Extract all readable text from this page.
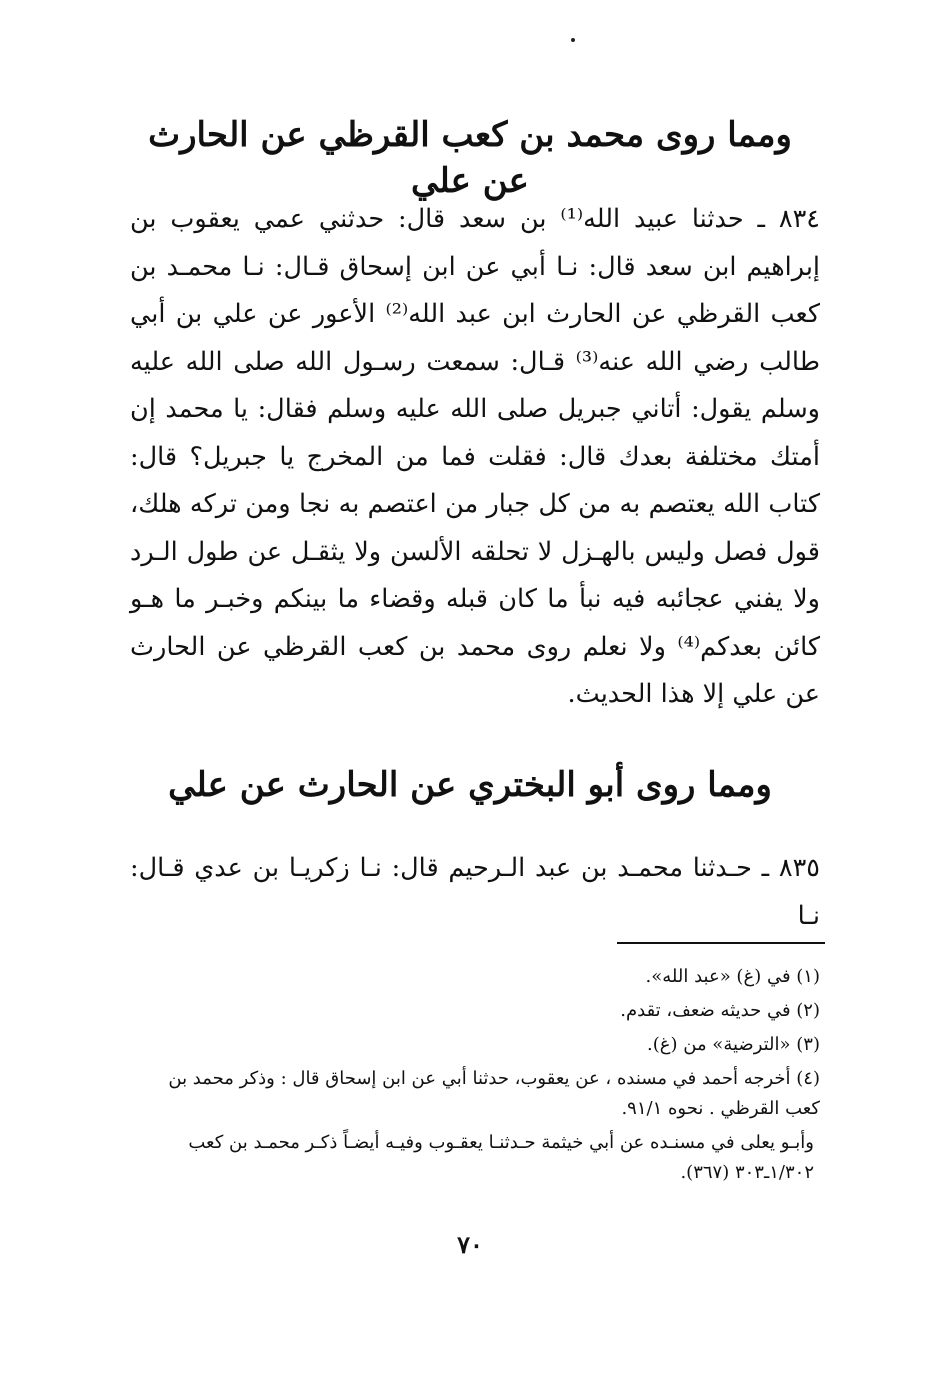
ومما روى محمد بن كعب القرظي عن الحارث عن علي
٨٣٤ ـ حدثنا عبيد الله⁽¹⁾ بن سعد قال: حدثني عمي يعقوب بن إبراهيم ابن سعد قال: نـا أبي عن ابن إسحاق قـال: نـا محمـد بن كعب القرظي عن الحارث ابن عبد الله⁽²⁾ الأعور عن علي بن أبي طالب رضي الله عنه⁽³⁾ قـال: سمعت رسـول الله صلى الله عليه وسلم يقول: أتاني جبريل صلى الله عليه وسلم فقال: يا محمد إن أمتك مختلفة بعدك قال: فقلت فما من المخرج يا جبريل؟ قال: كتاب الله يعتصم به من كل جبار من اعتصم به نجا ومن تركه هلك، قول فصل وليس بالهـزل لا تحلقه الألسن ولا يثقـل عن طول الـرد ولا يفني عجائبه فيه نبأ ما كان قبله وقضاء ما بينكم وخبـر ما هـو كائن بعدكم⁽⁴⁾ ولا نعلم روى محمد بن كعب القرظي عن الحارث عن علي إلا هذا الحديث.
ومما روى أبو البختري عن الحارث عن علي
٨٣٥ ـ حـدثنا محمـد بن عبد الـرحيم قال: نـا زكريـا بن عدي قـال: نـا

(١) في (غ) «عبد الله».

(٢) في حديثه ضعف، تقدم.

(٣) «الترضية» من (غ).

(٤) أخرجه أحمد في مسنده ، عن يعقوب، حدثنا أبي عن ابن إسحاق قال : وذكر محمد بن كعب القرظي . نحوه ٩١/١.

وأبـو يعلى في مسنـده عن أبي خيثمة حـدثنـا يعقـوب وفيـه أيضـاً ذكـر محمـد بن كعب ١/٣٠٢ـ٣٠٣ (٣٦٧).

٧٠
